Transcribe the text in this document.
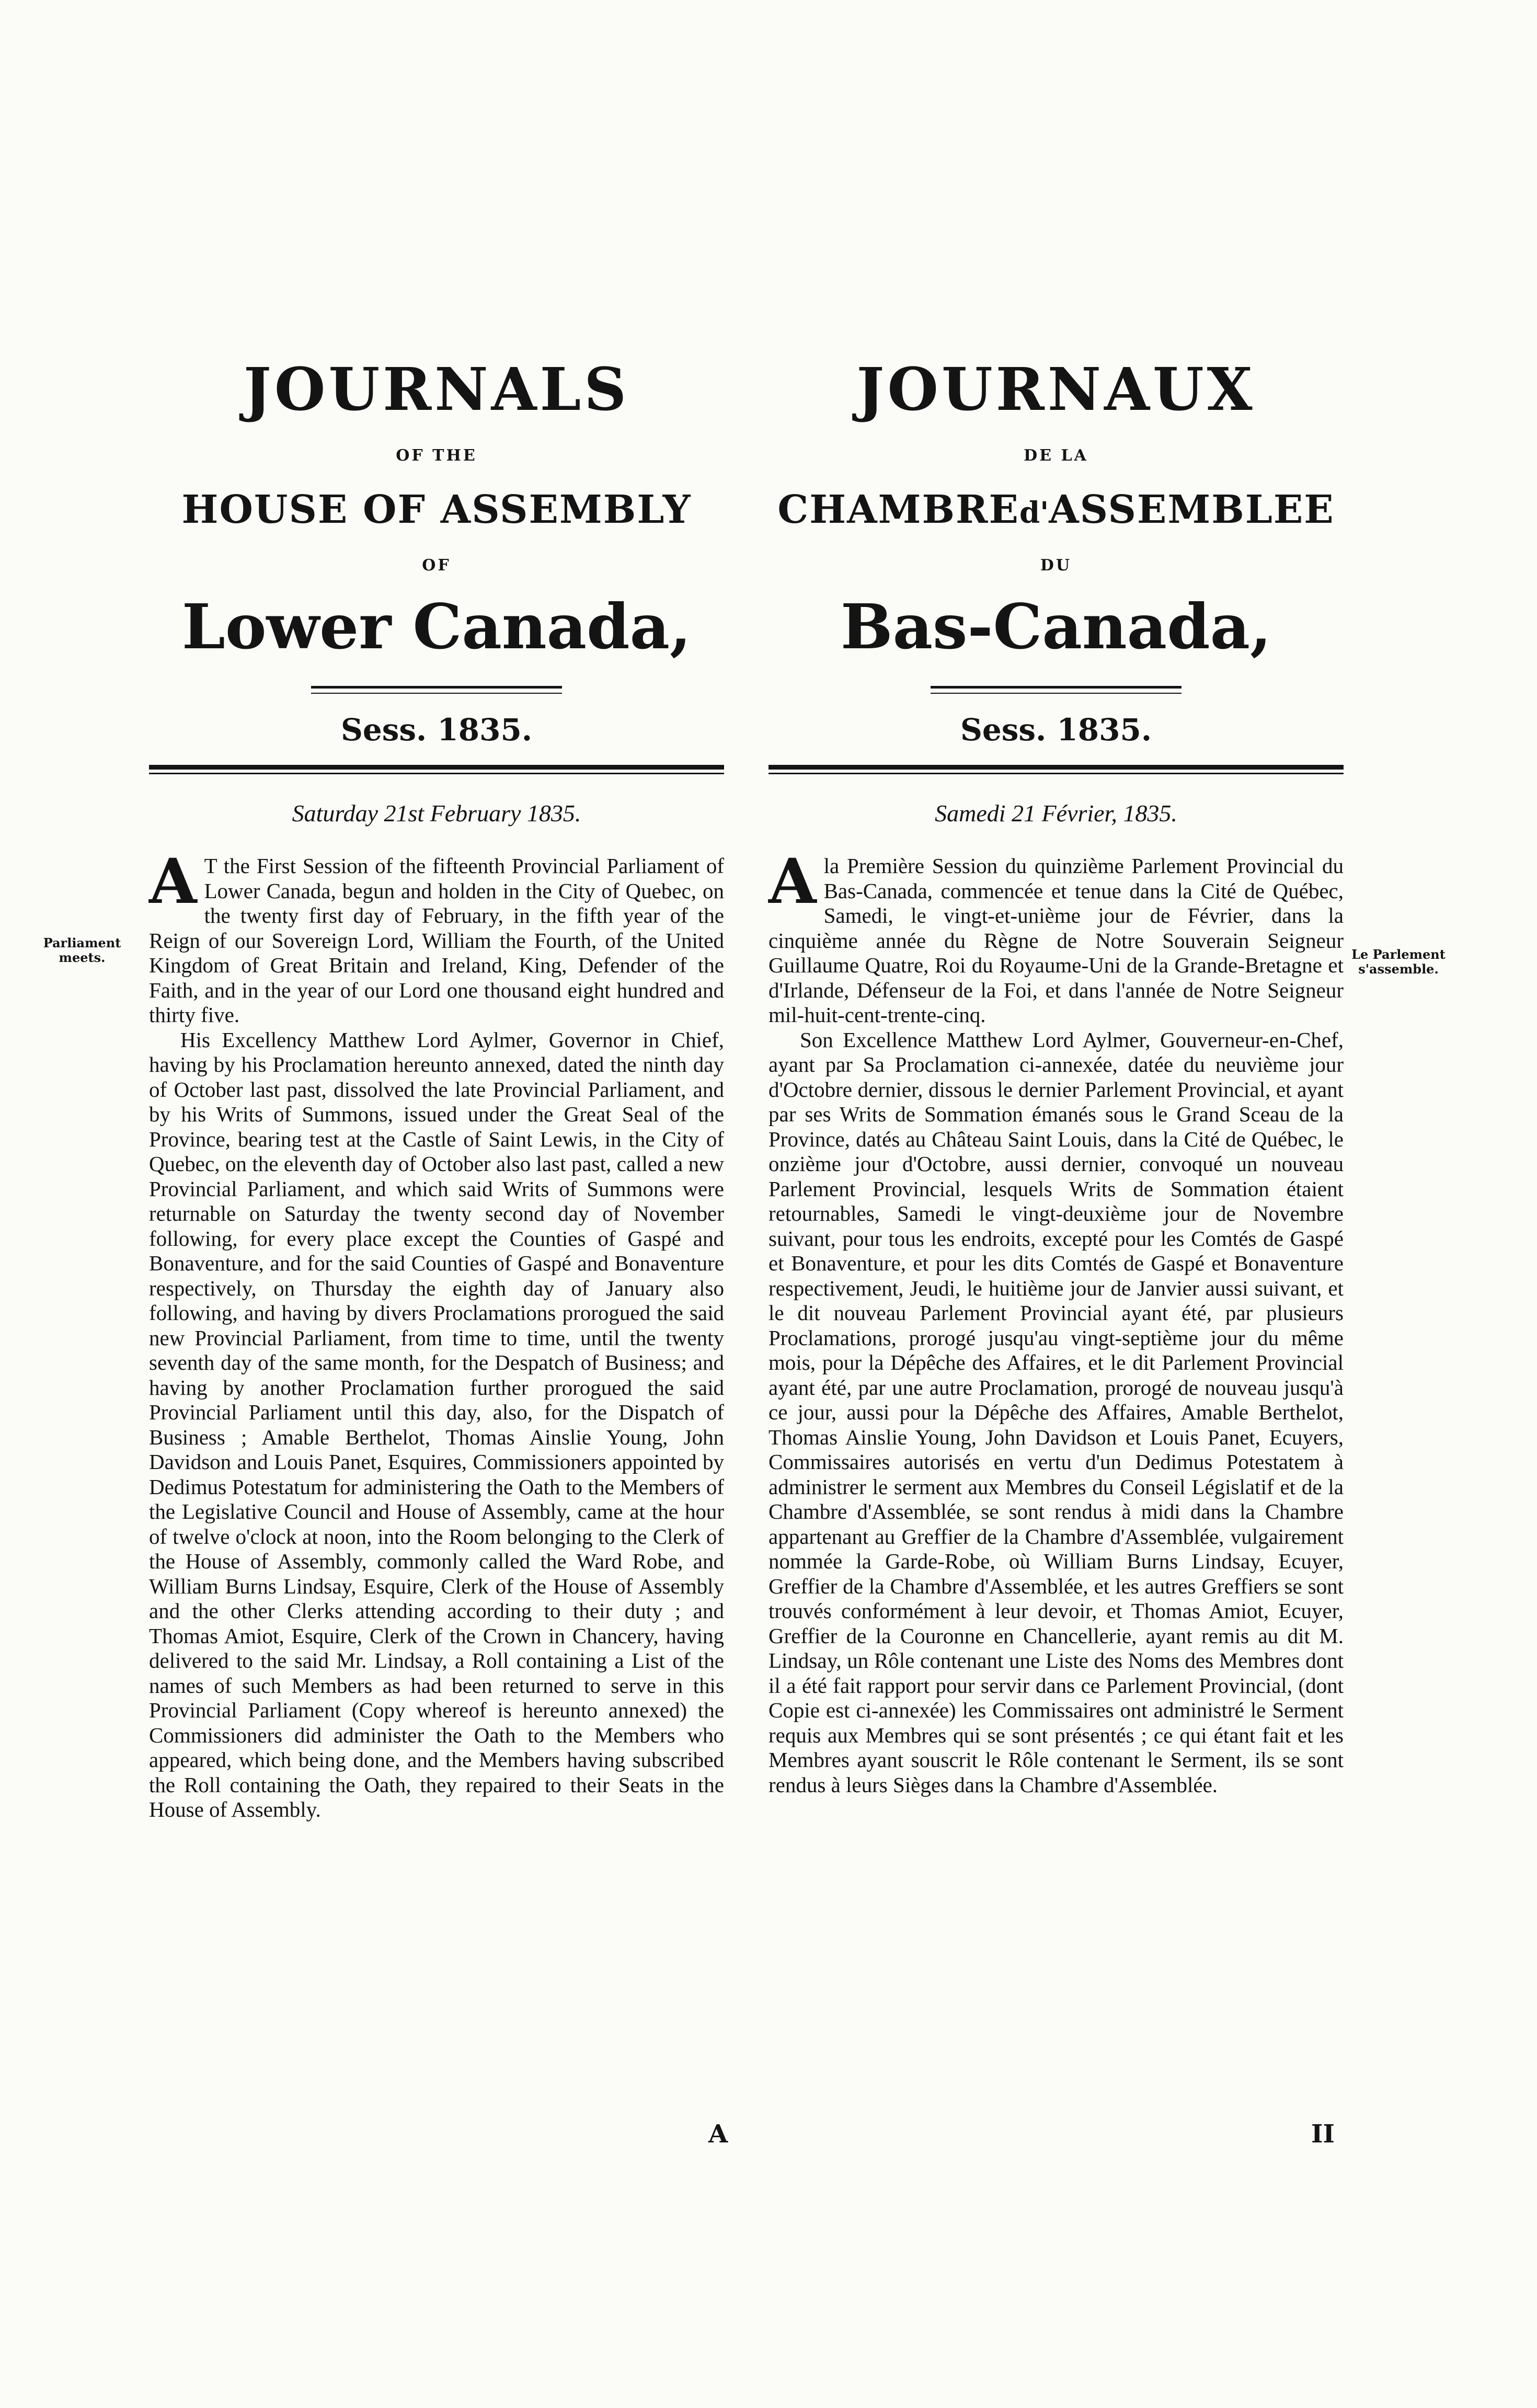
JOURNALS
OF THE
HOUSE OF ASSEMBLY
OF
Lower Canada,
Sess. 1835.
Saturday 21st February 1835.

A T the First Session of the fifteenth Provincial Parliament of Lower Canada, begun and holden in the City of Quebec, on the twenty first day of February, in the fifth year of the Reign of our Sovereign Lord, William the Fourth, of the United Kingdom of Great Britain and Ireland, King, Defender of the Faith, and in the year of our Lord one thousand eight hundred and thirty five.

His Excellency Matthew Lord Aylmer, Governor in Chief, having by his Proclamation hereunto annexed, dated the ninth day of October last past, dissolved the late Provincial Parliament, and by his Writs of Summons, issued under the Great Seal of the Province, bearing test at the Castle of Saint Lewis, in the City of Quebec, on the eleventh day of October also last past, called a new Provincial Parliament, and which said Writs of Summons were returnable on Saturday the twenty second day of November following, for every place except the Counties of Gaspé and Bonaventure, and for the said Counties of Gaspé and Bonaventure respectively, on Thursday the eighth day of January also following, and having by divers Proclamations prorogued the said new Provincial Parliament, from time to time, until the twenty seventh day of the same month, for the Despatch of Business; and having by another Proclamation further prorogued the said Provincial Parliament until this day, also, for the Dispatch of Business ; Amable Berthelot, Thomas Ainslie Young, John Davidson and Louis Panet, Esquires, Commissioners appointed by Dedimus Potestatum for administering the Oath to the Members of the Legislative Council and House of Assembly, came at the hour of twelve o'clock at noon, into the Room belonging to the Clerk of the House of Assembly, commonly called the Ward Robe, and William Burns Lindsay, Esquire, Clerk of the House of Assembly and the other Clerks attending according to their duty ; and Thomas Amiot, Esquire, Clerk of the Crown in Chancery, having delivered to the said Mr. Lindsay, a Roll containing a List of the names of such Members as had been returned to serve in this Provincial Parliament (Copy whereof is hereunto annexed) the Commissioners did administer the Oath to the Members who appeared, which being done, and the Members having subscribed the Roll containing the Oath, they repaired to their Seats in the House of Assembly.

Parliament meets.
A
JOURNAUX
DE LA
CHAMBREd'ASSEMBLEE
DU
Bas-Canada,
Sess. 1835.
Samedi 21 Février, 1835.

Ala Première Session du quinzième Parlement Provincial du Bas-Canada, commencée et tenue dans la Cité de Québec, Samedi, le vingt-et-unième jour de Février, dans la cinquième année du Règne de Notre Souverain Seigneur Guillaume Quatre, Roi du Royaume-Uni de la Grande-Bretagne et d'Irlande, Défenseur de la Foi, et dans l'année de Notre Seigneur mil-huit-cent-trente-cinq.

Son Excellence Matthew Lord Aylmer, Gouverneur-en-Chef, ayant par Sa Proclamation ci-annexée, datée du neuvième jour d'Octobre dernier, dissous le dernier Parlement Provincial, et ayant par ses Writs de Sommation émanés sous le Grand Sceau de la Province, datés au Château Saint Louis, dans la Cité de Québec, le onzième jour d'Octobre, aussi dernier, convoqué un nouveau Parlement Provincial, lesquels Writs de Sommation étaient retournables, Samedi le vingt-deuxième jour de Novembre suivant, pour tous les endroits, excepté pour les Comtés de Gaspé et Bonaventure, et pour les dits Comtés de Gaspé et Bonaventure respectivement, Jeudi, le huitième jour de Janvier aussi suivant, et le dit nouveau Parlement Provincial ayant été, par plusieurs Proclamations, prorogé jusqu'au vingt-septième jour du même mois, pour la Dépêche des Affaires, et le dit Parlement Provincial ayant été, par une autre Proclamation, prorogé de nouveau jusqu'à ce jour, aussi pour la Dépêche des Affaires, Amable Berthelot, Thomas Ainslie Young, John Davidson et Louis Panet, Ecuyers, Commissaires autorisés en vertu d'un Dedimus Potestatem à administrer le serment aux Membres du Conseil Législatif et de la Chambre d'Assemblée, se sont rendus à midi dans la Chambre appartenant au Greffier de la Chambre d'Assemblée, vulgairement nommée la Garde-Robe, où William Burns Lindsay, Ecuyer, Greffier de la Chambre d'Assemblée, et les autres Greffiers se sont trouvés conformément à leur devoir, et Thomas Amiot, Ecuyer, Greffier de la Couronne en Chancellerie, ayant remis au dit M. Lindsay, un Rôle contenant une Liste des Noms des Membres dont il a été fait rapport pour servir dans ce Parlement Provincial, (dont Copie est ci-annexée) les Commissaires ont administré le Serment requis aux Membres qui se sont présentés ; ce qui étant fait et les Membres ayant souscrit le Rôle contenant le Serment, ils se sont rendus à leurs Sièges dans la Chambre d'Assemblée.

Le Parlement s'assemble.
II
